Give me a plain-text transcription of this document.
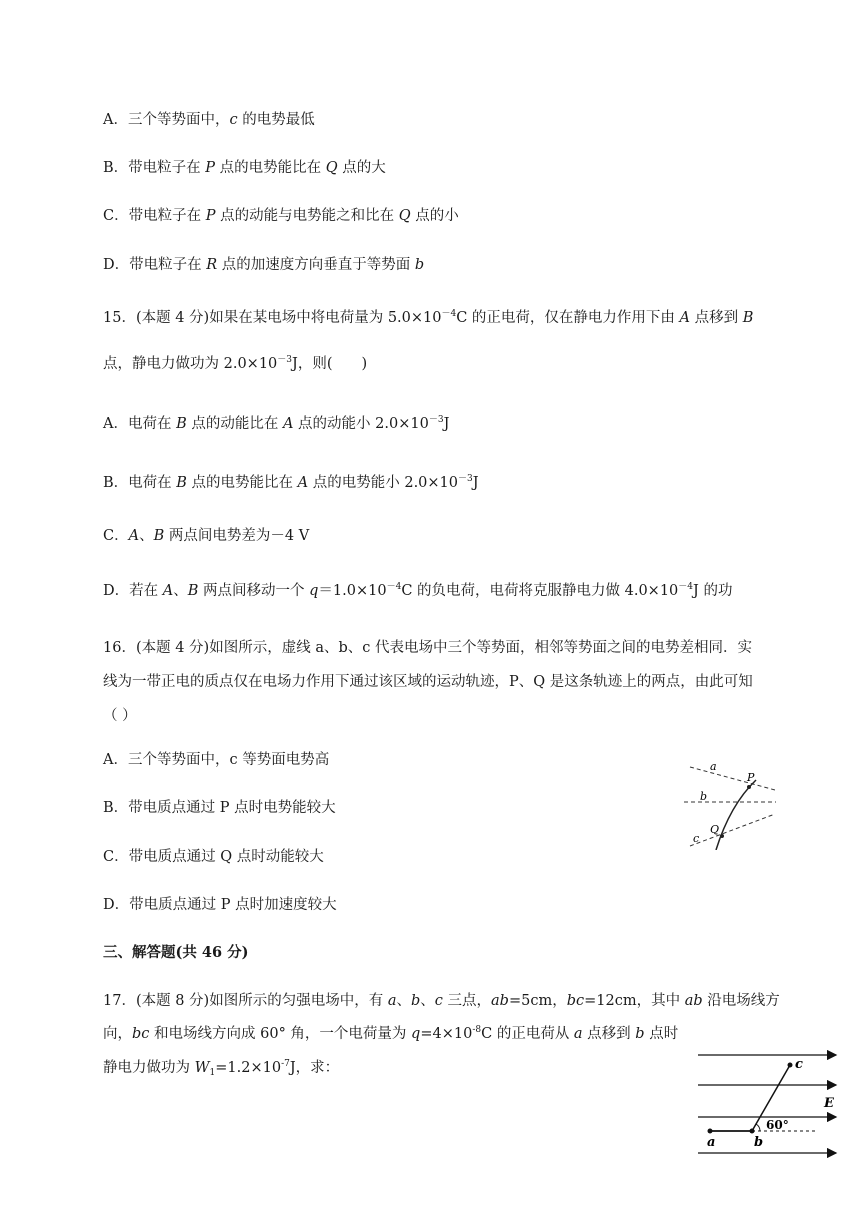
A．三个等势面中，c 的电势最低
B．带电粒子在 P 点的电势能比在 Q 点的大
C．带电粒子在 P 点的动能与电势能之和比在 Q 点的小
D．带电粒子在 R 点的加速度方向垂直于等势面 b
15．(本题 4 分)如果在某电场中将电荷量为 $5.0\times 10^{-4}C$ 的正电荷，仅在静电力作用下由 A 点移到 B
点，静电力做功为 $2.0\times 10^{-3}J$，则(　　)
A．电荷在 B 点的动能比在 A 点的动能小 $2.0\times 10^{-3}J$
B．电荷在 B 点的电势能比在 A 点的电势能小 $2.0\times 10^{-3}J$
C．A、B 两点间电势差为－4 V
D．若在 A、B 两点间移动一个 $q=1.0\times 10^{-4}C$ 的负电荷，电荷将克服静电力做 $4.0\times 10^{-4}J$ 的功
16．(本题 4 分)如图所示，虚线 a、b、c 代表电场中三个等势面，相邻等势面之间的电势差相同．实线为一带正电的质点仅在电场力作用下通过该区域的运动轨迹，P、Q 是这条轨迹上的两点，由此可知（ ）
A．三个等势面中，c 等势面电势高
B．带电质点通过 P 点时电势能较大
C．带电质点通过 Q 点时动能较大
D．带电质点通过 P 点时加速度较大
a
b
c
P
Q
三、解答题(共 46 分)
17．(本题 8 分)如图所示的匀强电场中，有 a、b、c 三点，ab=5cm，bc=12cm，其中 ab 沿电场线方
向，bc 和电场线方向成 60° 角，一个电荷量为 $q=4\times 10^{-8}C$ 的正电荷从 a 点移到 b 点时
静电力做功为 $W_1=1.2\times 10^{-7}J$，求：	c
E
60°
a	b
